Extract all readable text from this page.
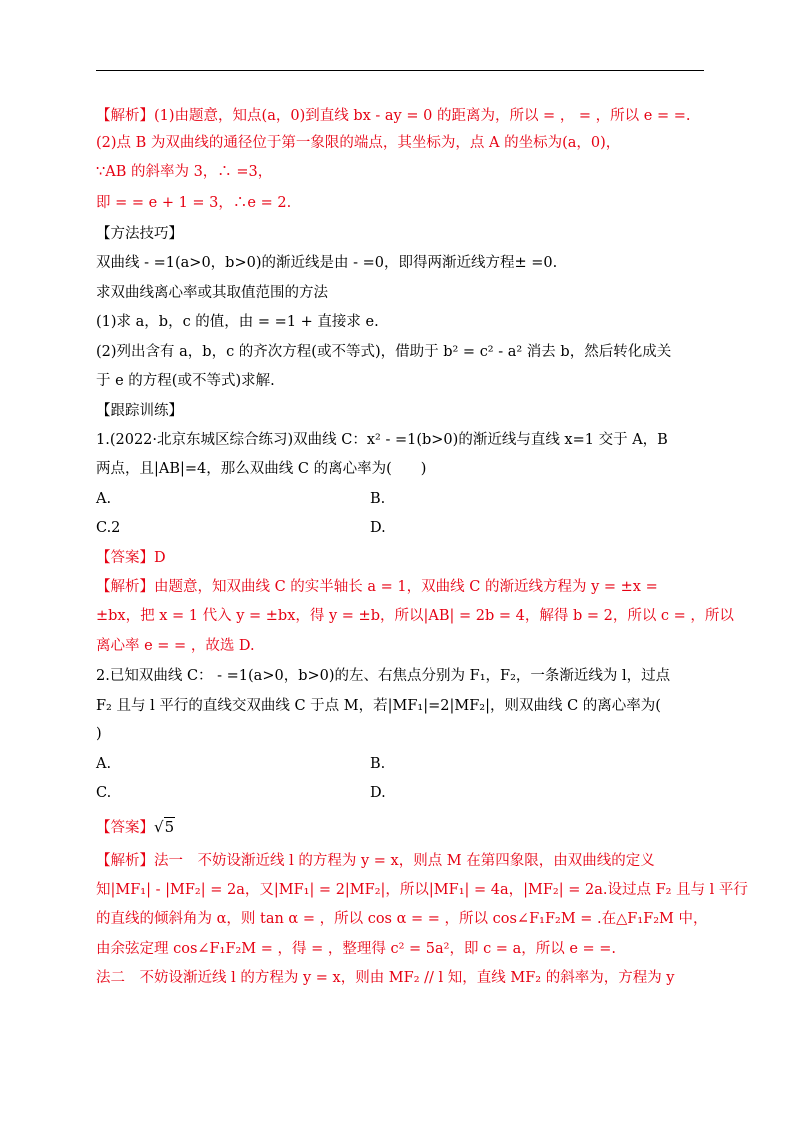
【解析】(1)由题意，知点(a，0)到直线 bx - ay = 0 的距离为，所以 = ， = ，所以 e = =.
(2)点 B 为双曲线的通径位于第一象限的端点，其坐标为，点 A 的坐标为(a，0)，
∵AB 的斜率为 3，∴ =3，
即 = = e + 1 = 3，∴e = 2.
【方法技巧】
双曲线 - =1(a>0，b>0)的渐近线是由 - =0，即得两渐近线方程± =0.
求双曲线离心率或其取值范围的方法
(1)求 a，b，c 的值，由 = =1 + 直接求 e.
(2)列出含有 a，b，c 的齐次方程(或不等式)，借助于 b² = c² - a² 消去 b，然后转化成关
于 e 的方程(或不等式)求解.
【跟踪训练】
1.(2022·北京东城区综合练习)双曲线 C：x² - =1(b>0)的渐近线与直线 x=1 交于 A，B
两点，且|AB|=4，那么双曲线 C 的离心率为(　　)
A.	B.
C.2	D.
【答案】D
【解析】由题意，知双曲线 C 的实半轴长 a = 1，双曲线 C 的渐近线方程为 y = ±x =
±bx，把 x = 1 代入 y = ±bx，得 y = ±b，所以|AB| = 2b = 4，解得 b = 2，所以 c = ，所以
离心率 e = = ，故选 D.
2.已知双曲线 C： - =1(a>0，b>0)的左、右焦点分别为 F₁，F₂，一条渐近线为 l，过点
F₂ 且与 l 平行的直线交双曲线 C 于点 M，若|MF₁|=2|MF₂|，则双曲线 C 的离心率为(
)
A.	B.
C.	D.
【答案】√5
【解析】法一　不妨设渐近线 l 的方程为 y = x，则点 M 在第四象限，由双曲线的定义
知|MF₁| - |MF₂| = 2a，又|MF₁| = 2|MF₂|，所以|MF₁| = 4a，|MF₂| = 2a.设过点 F₂ 且与 l 平行
的直线的倾斜角为 α，则 tan α = ，所以 cos α = = ，所以 cos∠F₁F₂M = .在△F₁F₂M 中，
由余弦定理 cos∠F₁F₂M = ，得 = ，整理得 c² = 5a²，即 c = a，所以 e = =.
法二　不妨设渐近线 l 的方程为 y = x，则由 MF₂ // l 知，直线 MF₂ 的斜率为，方程为 y
